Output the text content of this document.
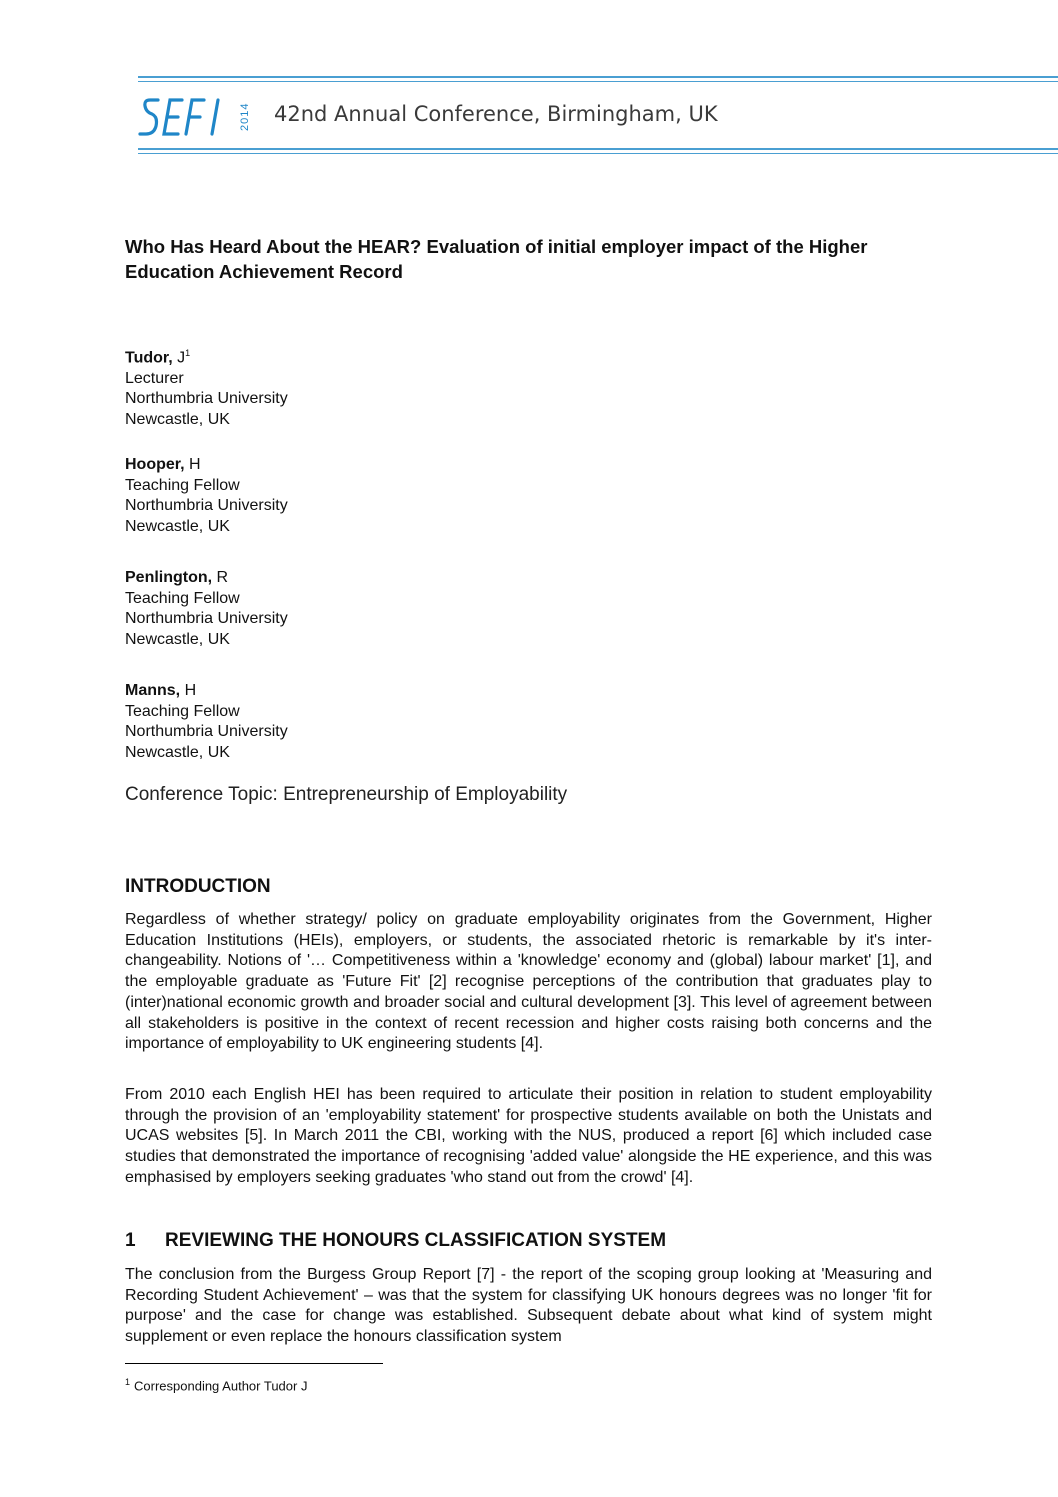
2014 42nd Annual Conference, Birmingham, UK
Who Has Heard About the HEAR? Evaluation of initial employer impact of the Higher Education Achievement Record
Tudor, $J^1$
Lecturer
Northumbria University
Newcastle, UK
Hooper, H
Teaching Fellow
Northumbria University
Newcastle, UK
Penlington, R
Teaching Fellow
Northumbria University
Newcastle, UK
Manns, H
Teaching Fellow
Northumbria University
Newcastle, UK
Conference Topic: Entrepreneurship of Employability
INTRODUCTION

Regardless of whether strategy/ policy on graduate employability originates from the Government, Higher Education Institutions (HEIs), employers, or students, the associated rhetoric is remarkable by it's inter- changeability. Notions of '… Competitiveness within a 'knowledge' economy and (global) labour market' [1], and the employable graduate as 'Future Fit' [2] recognise perceptions of the contribution that graduates play to (inter)national economic growth and broader social and cultural development [3]. This level of agreement between all stakeholders is positive in the context of recent recession and higher costs raising both concerns and the importance of employability to UK engineering students [4].

From 2010 each English HEI has been required to articulate their position in relation to student employability through the provision of an 'employability statement' for prospective students available on both the Unistats and UCAS websites [5]. In March 2011 the CBI, working with the NUS, produced a report [6] which included case studies that demonstrated the importance of recognising 'added value' alongside the HE experience, and this was emphasised by employers seeking graduates 'who stand out from the crowd' [4].

1 REVIEWING THE HONOURS CLASSIFICATION SYSTEM

The conclusion from the Burgess Group Report [7] - the report of the scoping group looking at 'Measuring and Recording Student Achievement' – was that the system for classifying UK honours degrees was no longer 'fit for purpose' and the case for change was established. Subsequent debate about what kind of system might supplement or even replace the honours classification system

$^1$ Corresponding Author Tudor J
